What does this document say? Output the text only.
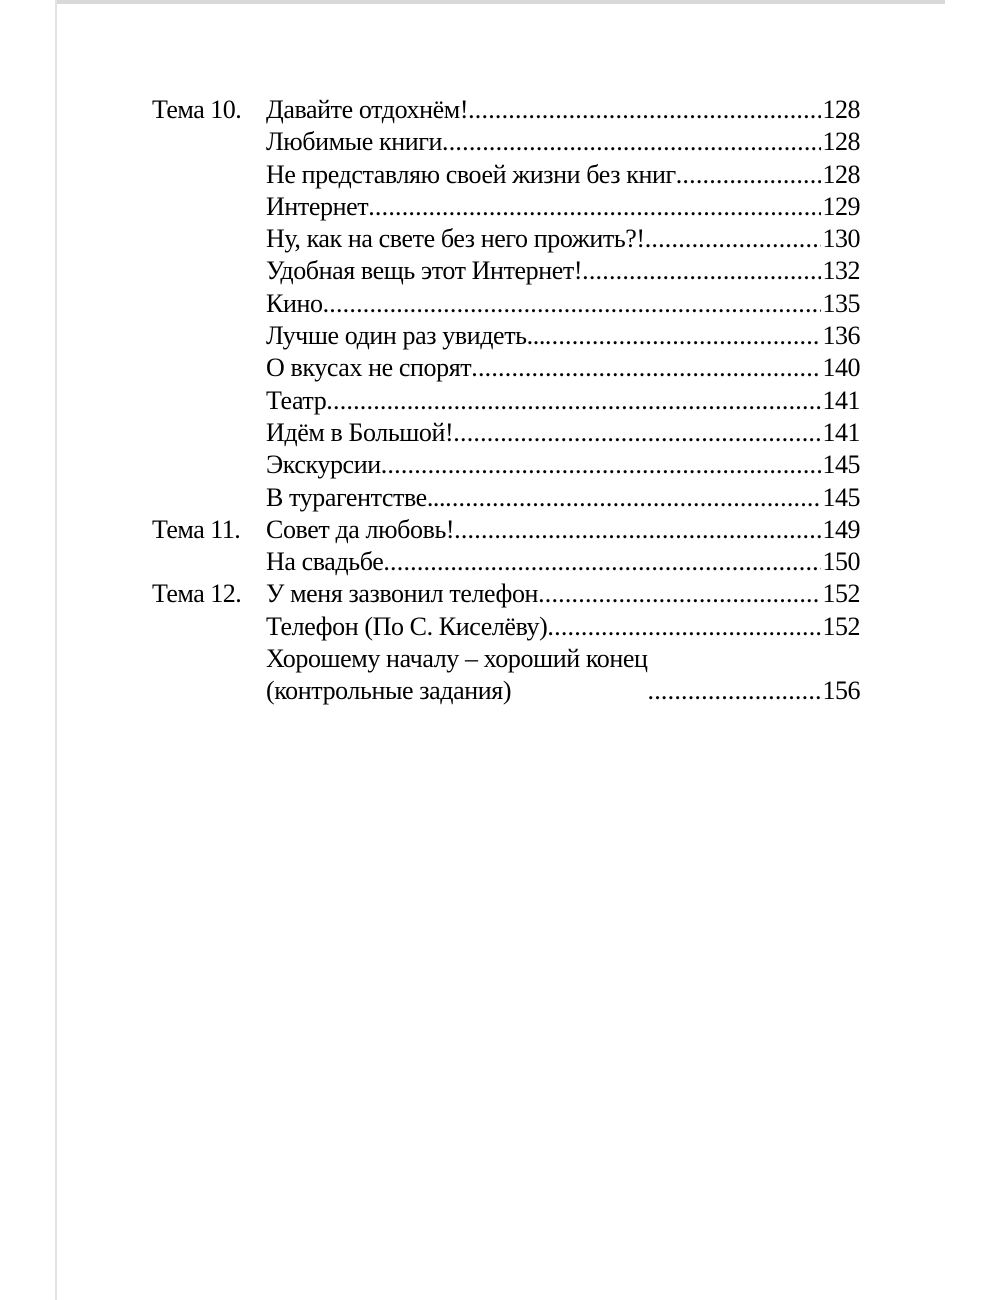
Тема 10. Давайте отдохнём! .....	128
Любимые книги .....	128
Не представляю своей жизни без книг .....	128
Интернет .....	129
Ну, как на свете без него прожить?! .....	130
Удобная вещь этот Интернет! .....	132
Кино .....	135
Лучше один раз увидеть... .....	136
О вкусах не спорят .....	140
Театр .....	141
Идём в Большой! .....	141
Экскурсии .....	145
В турагентстве... .....	145
Тема 11. Совет да любовь! .....	149
На свадьбе .....	150
Тема 12. У меня зазвонил телефон .....	152
Телефон (По С. Киселёву) .....	152
Хорошему началу – хороший конец
(контрольные задания) .....	156
